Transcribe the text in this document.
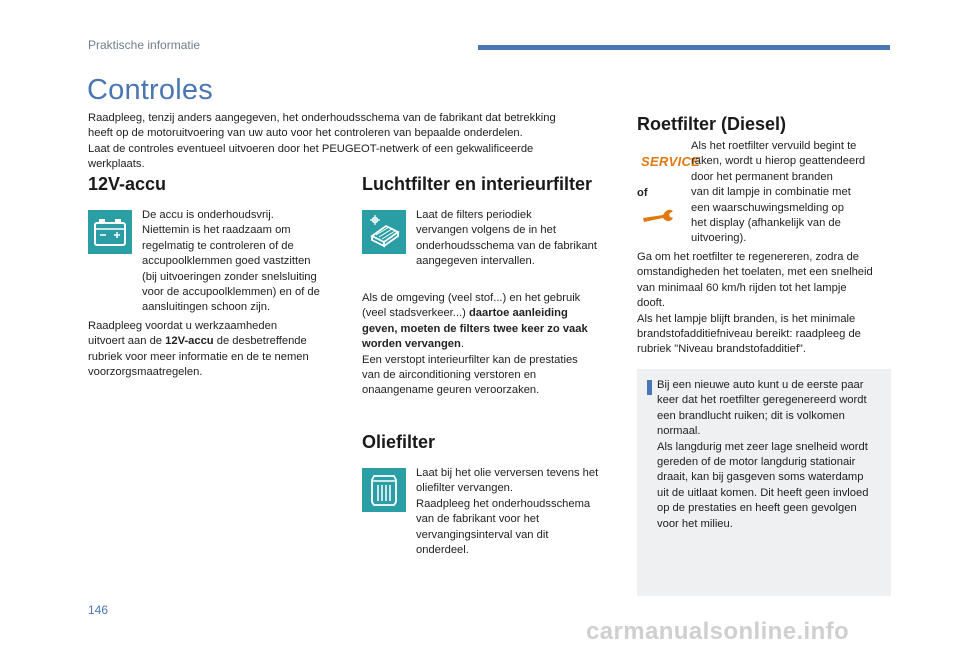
Praktische informatie
Controles
Raadpleeg, tenzij anders aangegeven, het onderhoudsschema van de fabrikant dat betrekking
heeft op de motoruitvoering van uw auto voor het controleren van bepaalde onderdelen.
Laat de controles eventueel uitvoeren door het PEUGEOT-netwerk of een gekwalificeerde
werkplaats.
12V-accu
De accu is onderhoudsvrij.
Niettemin is het raadzaam om
regelmatig te controleren of de
accupoolklemmen goed vastzitten
(bij uitvoeringen zonder snelsluiting
voor de accupoolklemmen) en of de
aansluitingen schoon zijn.
Raadpleeg voordat u werkzaamheden
uitvoert aan de 12V-accu de desbetreffende
rubriek voor meer informatie en de te nemen
voorzorgsmaatregelen.
Luchtfilter en interieurfilter
Laat de filters periodiek
vervangen volgens de in het
onderhoudsschema van de fabrikant
aangegeven intervallen.
Als de omgeving (veel stof...) en het gebruik
(veel stadsverkeer...) daartoe aanleiding
geven, moeten de filters twee keer zo vaak
worden vervangen.
Een verstopt interieurfilter kan de prestaties
van de airconditioning verstoren en
onaangename geuren veroorzaken.
Oliefilter
Laat bij het olie verversen tevens het
oliefilter vervangen.
Raadpleeg het onderhoudsschema
van de fabrikant voor het
vervangingsinterval van dit
onderdeel.
Roetfilter (Diesel)
SERVICE
of
Als het roetfilter vervuild begint te
raken, wordt u hierop geattendeerd
door het permanent branden
van dit lampje in combinatie met
een waarschuwingsmelding op
het display (afhankelijk van de
uitvoering).
Ga om het roetfilter te regenereren, zodra de
omstandigheden het toelaten, met een snelheid
van minimaal 60 km/h rijden tot het lampje
dooft.
Als het lampje blijft branden, is het minimale
brandstofadditiefniveau bereikt: raadpleeg de
rubriek "Niveau brandstofadditief".
Bij een nieuwe auto kunt u de eerste paar
keer dat het roetfilter geregenereerd wordt
een brandlucht ruiken; dit is volkomen
normaal.
Als langdurig met zeer lage snelheid wordt
gereden of de motor langdurig stationair
draait, kan bij gasgeven soms waterdamp
uit de uitlaat komen. Dit heeft geen invloed
op de prestaties en heeft geen gevolgen
voor het milieu.
146
carmanualsonline.info
